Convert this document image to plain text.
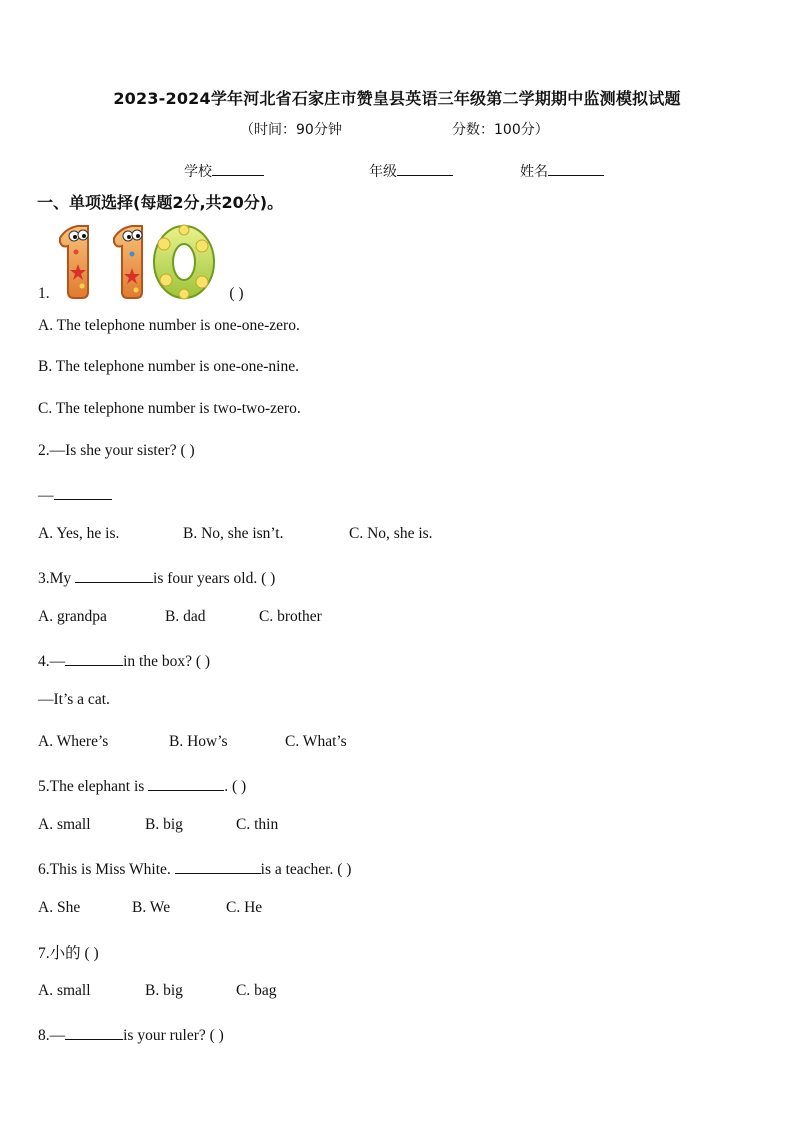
2023-2024学年河北省石家庄市赞皇县英语三年级第二学期期中监测模拟试题
（时间：90分钟	分数：100分）
学校	年级	姓名
一、单项选择(每题2分,共20分)。
1.	( )
A. The telephone number is one-one-zero.
B. The telephone number is one-one-nine.
C. The telephone number is two-two-zero.
2.—Is she your sister? ( )
—
A. Yes, he is.	B. No, she isn’t.	C. No, she is.
3.My	is four years old. ( )
A. grandpa	B. dad	C. brother
4.—	in the box? ( )
—It’s a cat.
A. Where’s	B. How’s	C. What’s
5.The elephant is	. ( )
A. small	B. big	C. thin
6.This is Miss White.	is a teacher. ( )
A. She	B. We	C. He
7.小的 ( )
A. small	B. big	C. bag
8.—	is your ruler? ( )
